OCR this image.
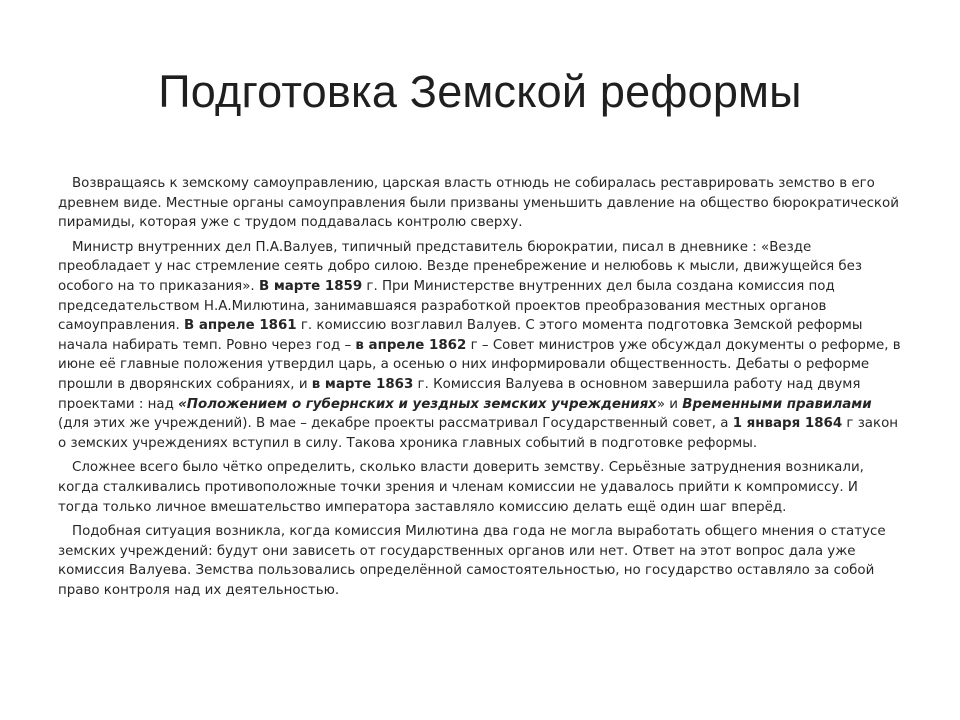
Подготовка Земской реформы

Возвращаясь к земскому самоуправлению, царская власть отнюдь не собиралась реставрировать земство в его древнем виде. Местные органы самоуправления были призваны уменьшить давление на общество бюрократической пирамиды, которая уже с трудом поддавалась контролю сверху.

Министр внутренних дел П.А.Валуев, типичный представитель бюрократии, писал в дневнике : «Везде преобладает у нас стремление сеять добро силою. Везде пренебрежение и нелюбовь к мысли, движущейся без особого на то приказания». В марте 1859 г. При Министерстве внутренних дел была создана комиссия под председательством Н.А.Милютина, занимавшаяся разработкой проектов преобразования местных органов самоуправления. В апреле 1861 г. комиссию возглавил Валуев. С этого момента подготовка Земской реформы начала набирать темп. Ровно через год – в апреле 1862 г – Совет министров уже обсуждал документы о реформе, в июне её главные положения утвердил царь, а осенью о них информировали общественность. Дебаты о реформе прошли в дворянских собраниях, и в марте 1863 г. Комиссия Валуева в основном завершила работу над двумя проектами : над «Положением о губернских и уездных земских учреждениях» и Временными правилами (для этих же учреждений). В мае – декабре проекты рассматривал Государственный совет, а 1 января 1864 г закон о земских учреждениях вступил в силу. Такова хроника главных событий в подготовке реформы.

Сложнее всего было чётко определить, сколько власти доверить земству. Серьёзные затруднения возникали, когда сталкивались противоположные точки зрения и членам комиссии не удавалось прийти к компромиссу. И тогда только личное вмешательство императора заставляло комиссию делать ещё один шаг вперёд.

Подобная ситуация возникла, когда комиссия Милютина два года не могла выработать общего мнения о статусе земских учреждений: будут они зависеть от государственных органов или нет. Ответ на этот вопрос дала уже комиссия Валуева. Земства пользовались определённой самостоятельностью, но государство оставляло за собой право контроля над их деятельностью.
